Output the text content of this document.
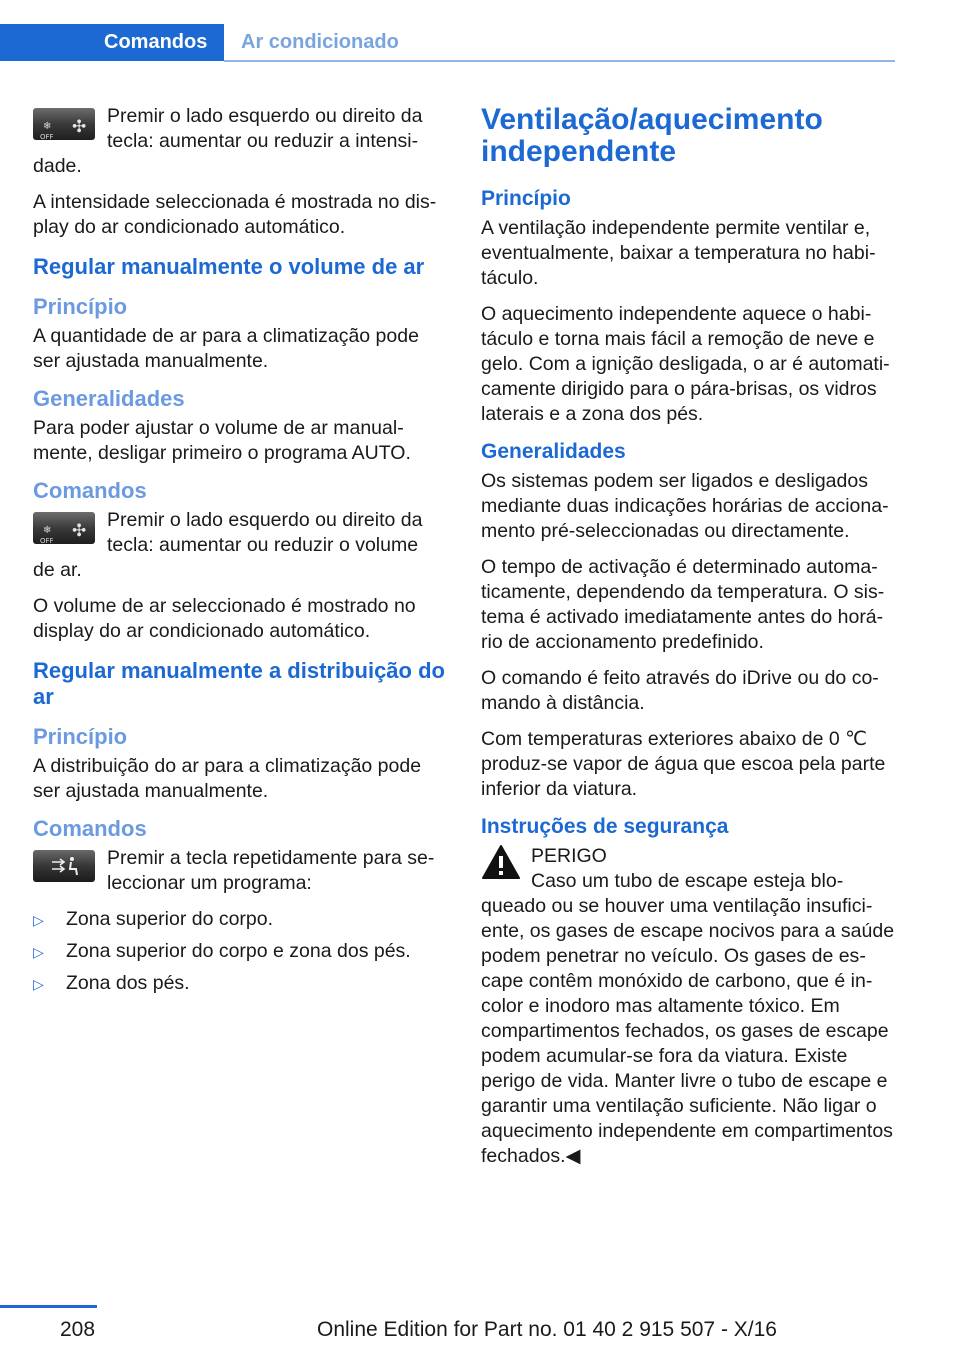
Comandos	Ar condicionado
❄
OFF
✣ Premir o lado esquerdo ou direito da tecla: aumentar ou reduzir a intensidade.

A intensidade seleccionada é mostrada no display do ar condicionado automático.

Regular manualmente o volume de ar
Princípio

A quantidade de ar para a climatização pode ser ajustada manualmente.

Generalidades

Para poder ajustar o volume de ar manualmente, desligar primeiro o programa AUTO.

Comandos
❄
OFF
✣ Premir o lado esquerdo ou direito da tecla: aumentar ou reduzir o volume de ar.

O volume de ar seleccionado é mostrado no display do ar condicionado automático.

Regular manualmente a distribuição do ar
Princípio

A distribuição do ar para a climatização pode ser ajustada manualmente.

Comandos
Premir a tecla repetidamente para seleccionar um programa:
▷ Zona superior do corpo.
▷ Zona superior do corpo e zona dos pés.
▷ Zona dos pés.
Ventilação/aquecimento independente
Princípio

A ventilação independente permite ventilar e, eventualmente, baixar a temperatura no habitáculo.

O aquecimento independente aquece o habitáculo e torna mais fácil a remoção de neve e gelo. Com a ignição desligada, o ar é automaticamente dirigido para o pára-brisas, os vidros laterais e a zona dos pés.

Generalidades

Os sistemas podem ser ligados e desligados mediante duas indicações horárias de accionamento pré-seleccionadas ou directamente.

O tempo de activação é determinado automaticamente, dependendo da temperatura. O sistema é activado imediatamente antes do horário de accionamento predefinido.

O comando é feito através do iDrive ou do comando à distância.

Com temperaturas exteriores abaixo de 0 ℃ produz-se vapor de água que escoa pela parte inferior da viatura.

Instruções de segurança
PERIGO
Caso um tubo de escape esteja bloqueado ou se houver uma ventilação insuficiente, os gases de escape nocivos para a saúde podem penetrar no veículo. Os gases de escape contêm monóxido de carbono, que é incolor e inodoro mas altamente tóxico. Em compartimentos fechados, os gases de escape podem acumular-se fora da viatura. Existe perigo de vida. Manter livre o tubo de escape e garantir uma ventilação suficiente. Não ligar o aquecimento independente em compartimentos fechados.◀
208	Online Edition for Part no. 01 40 2 915 507 - X/16
